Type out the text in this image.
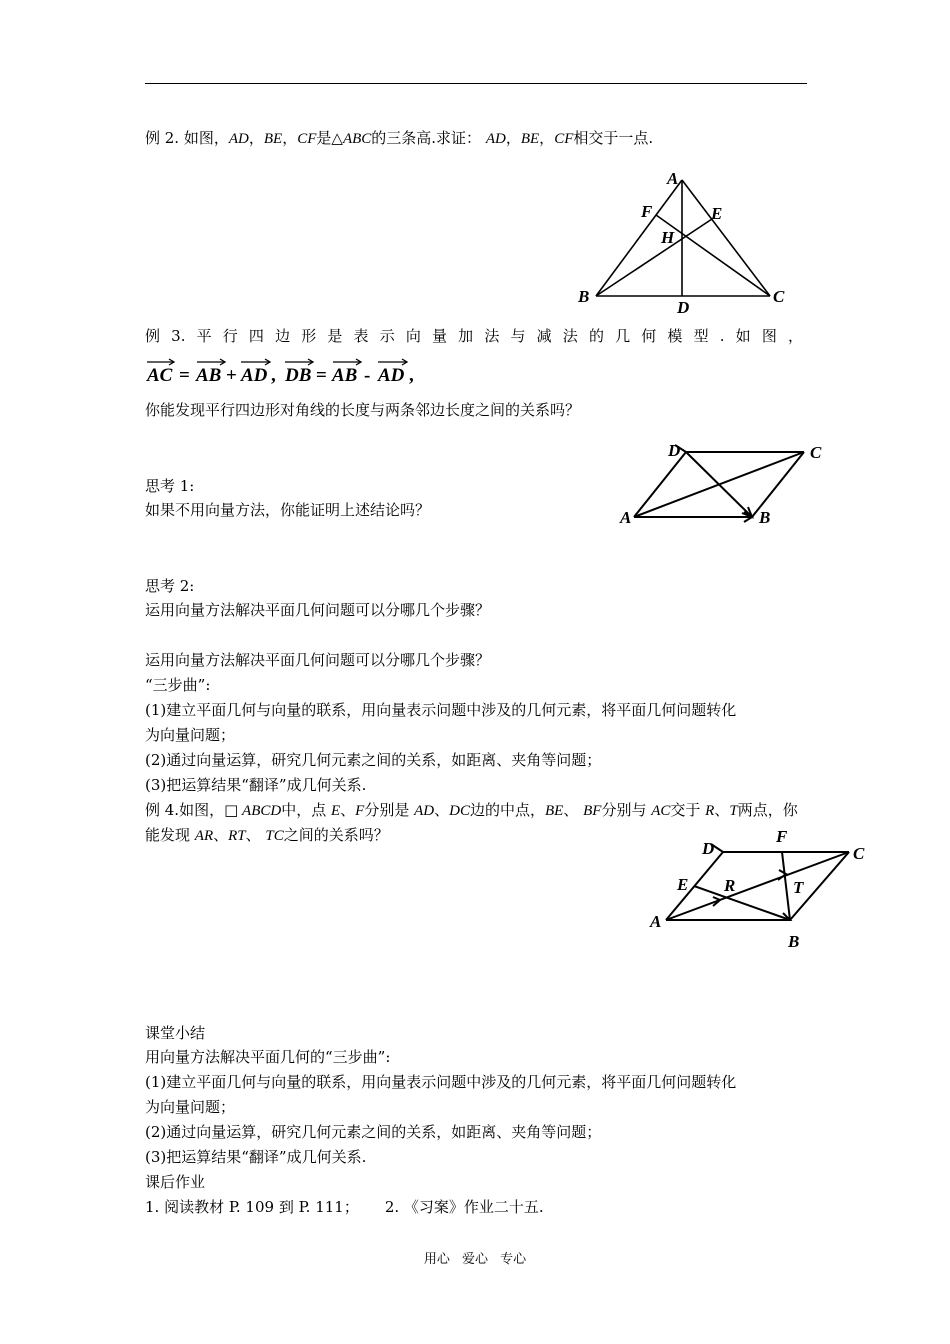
例 2. 如图，AD，BE，CF是△ABC的三条高.求证： AD，BE，CF相交于一点.
A
F	E
H
B	C
D
例 3. 平 行 四 边 形 是 表 示 向 量 加 法 与 减 法 的 几 何 模 型 . 如 图 ，
AC = AB + AD , DB = AB - AD ,
你能发现平行四边形对角线的长度与两条邻边长度之间的关系吗？
A	B
C
D
思考 1:
如果不用向量方法，你能证明上述结论吗？
思考 2:
运用向量方法解决平面几何问题可以分哪几个步骤？
运用向量方法解决平面几何问题可以分哪几个步骤？
“三步曲”:
(1)建立平面几何与向量的联系，用向量表示问题中涉及的几何元素，将平面几何问题转化
为向量问题；
(2)通过向量运算，研究几何元素之间的关系，如距离、夹角等问题；
(3)把运算结果“翻译”成几何关系.
例 4.如图，□ ABCD中，点 E、F分别是 AD、DC边的中点，BE、 BF分别与 AC交于 R、T两点，你
能发现 AR、RT、 TC之间的关系吗？
A
B
C
D
E
F
R	T
课堂小结
用向量方法解决平面几何的“三步曲”:
(1)建立平面几何与向量的联系，用向量表示问题中涉及的几何元素，将平面几何问题转化
为向量问题；
(2)通过向量运算，研究几何元素之间的关系，如距离、夹角等问题；
(3)把运算结果“翻译”成几何关系.
课后作业
1. 阅读教材 P. 109 到 P. 111； 2. 《习案》作业二十五.
用心 爱心 专心
